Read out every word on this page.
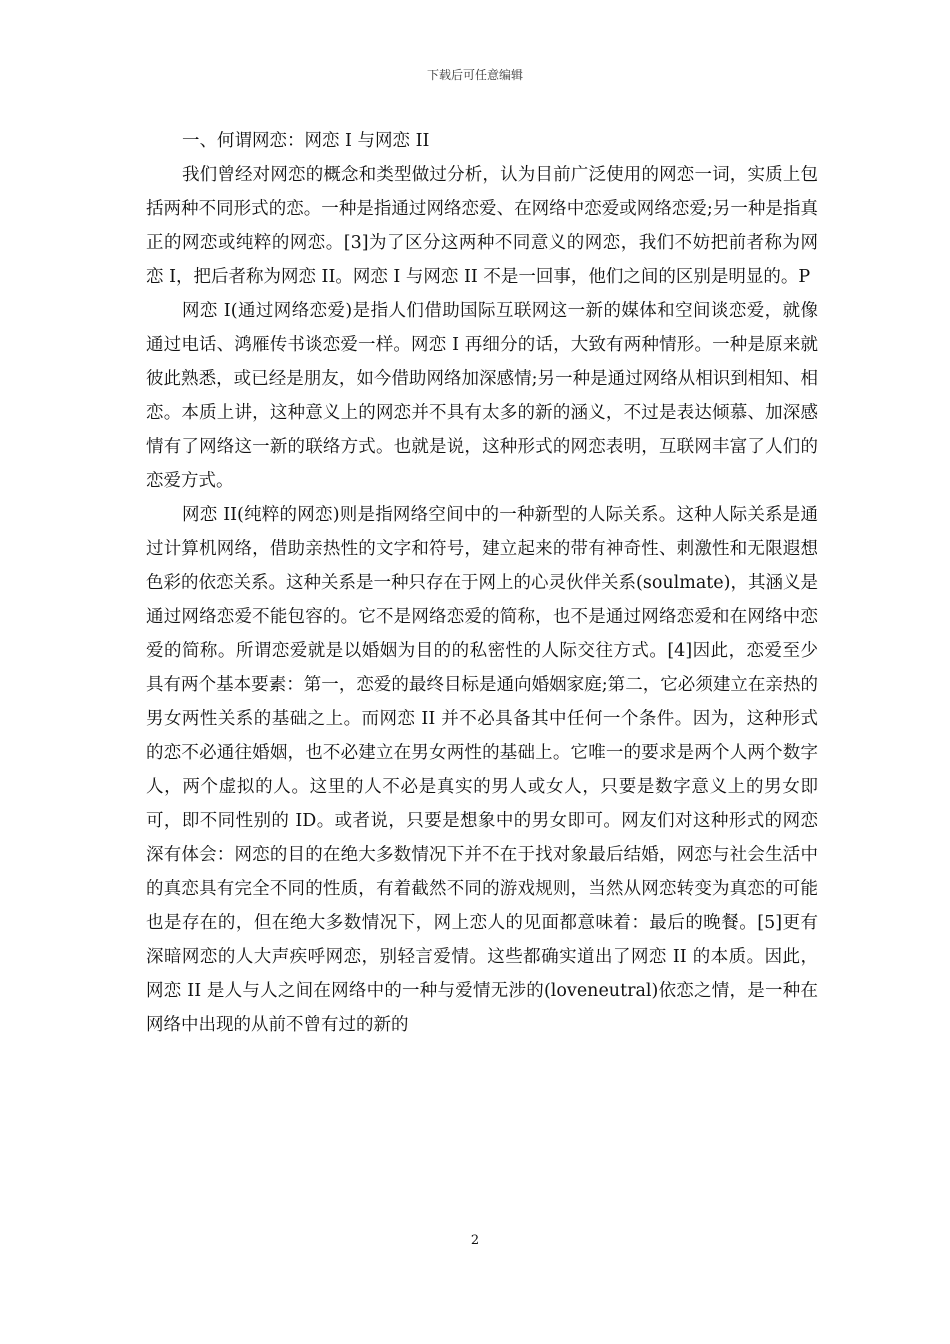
下载后可任意编辑

一、何谓网恋：网恋 I 与网恋 II

我们曾经对网恋的概念和类型做过分析，认为目前广泛使用的网恋一词，实质上包括两种不同形式的恋。一种是指通过网络恋爱、在网络中恋爱或网络恋爱;另一种是指真正的网恋或纯粹的网恋。[3]为了区分这两种不同意义的网恋，我们不妨把前者称为网恋 I，把后者称为网恋 II。网恋 I 与网恋 II 不是一回事，他们之间的区别是明显的。P

网恋 I(通过网络恋爱)是指人们借助国际互联网这一新的媒体和空间谈恋爱，就像通过电话、鸿雁传书谈恋爱一样。网恋 I 再细分的话，大致有两种情形。一种是原来就彼此熟悉，或已经是朋友，如今借助网络加深感情;另一种是通过网络从相识到相知、相恋。本质上讲，这种意义上的网恋并不具有太多的新的涵义，不过是表达倾慕、加深感情有了网络这一新的联络方式。也就是说，这种形式的网恋表明，互联网丰富了人们的恋爱方式。

网恋 II(纯粹的网恋)则是指网络空间中的一种新型的人际关系。这种人际关系是通过计算机网络，借助亲热性的文字和符号，建立起来的带有神奇性、刺激性和无限遐想色彩的依恋关系。这种关系是一种只存在于网上的心灵伙伴关系(soulmate)，其涵义是通过网络恋爱不能包容的。它不是网络恋爱的简称，也不是通过网络恋爱和在网络中恋爱的简称。所谓恋爱就是以婚姻为目的的私密性的人际交往方式。[4]因此，恋爱至少具有两个基本要素：第一，恋爱的最终目标是通向婚姻家庭;第二，它必须建立在亲热的男女两性关系的基础之上。而网恋 II 并不必具备其中任何一个条件。因为，这种形式的恋不必通往婚姻，也不必建立在男女两性的基础上。它唯一的要求是两个人两个数字人，两个虚拟的人。这里的人不必是真实的男人或女人，只要是数字意义上的男女即可，即不同性别的 ID。或者说，只要是想象中的男女即可。网友们对这种形式的网恋深有体会：网恋的目的在绝大多数情况下并不在于找对象最后结婚，网恋与社会生活中的真恋具有完全不同的性质，有着截然不同的游戏规则，当然从网恋转变为真恋的可能也是存在的，但在绝大多数情况下，网上恋人的见面都意味着：最后的晚餐。[5]更有深暗网恋的人大声疾呼网恋，别轻言爱情。这些都确实道出了网恋 II 的本质。因此，网恋 II 是人与人之间在网络中的一种与爱情无涉的(loveneutral)依恋之情，是一种在网络中出现的从前不曾有过的新的

2
